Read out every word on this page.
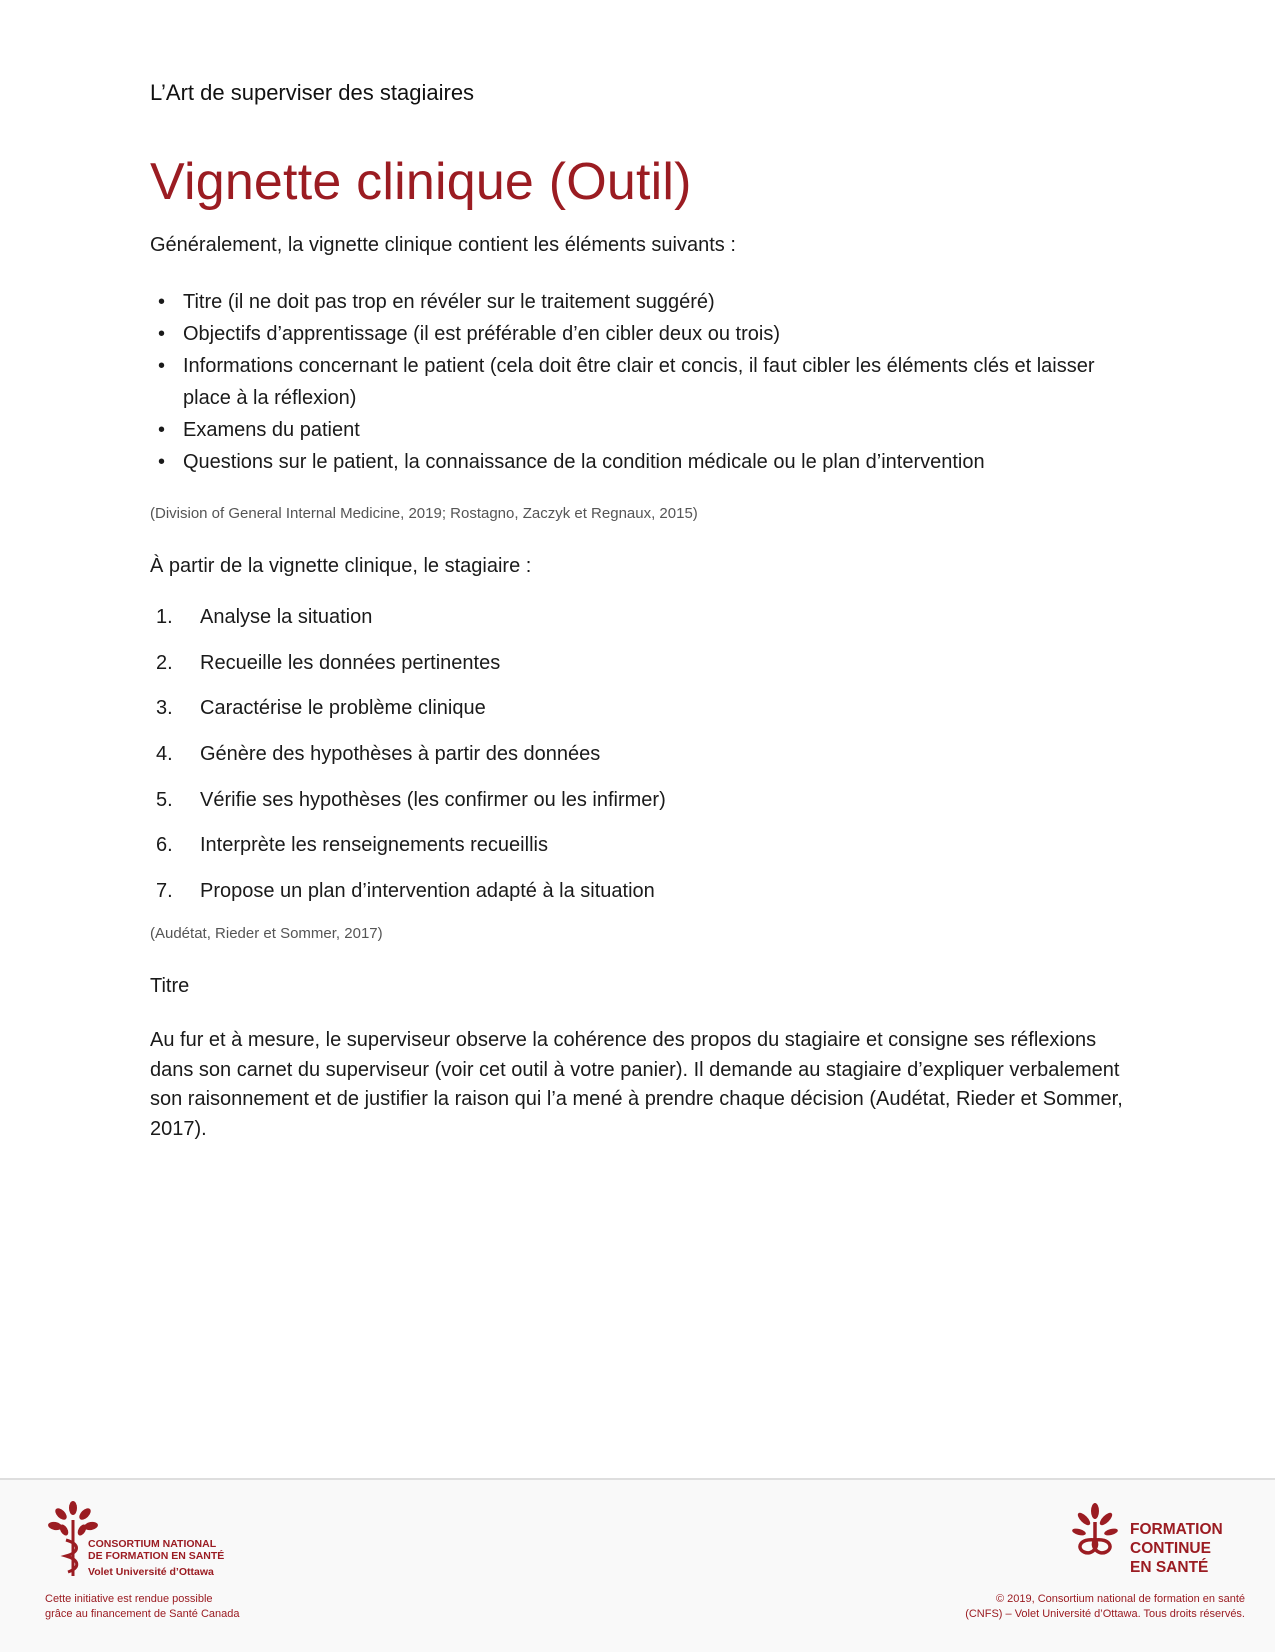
L’Art de superviser des stagiaires

Vignette clinique (Outil)

Généralement, la vignette clinique contient les éléments suivants :

• Titre (il ne doit pas trop en révéler sur le traitement suggéré)
• Objectifs d’apprentissage (il est préférable d’en cibler deux ou trois)
• Informations concernant le patient (cela doit être clair et concis, il faut cibler les éléments clés et laisser place à la réflexion)
• Examens du patient
• Questions sur le patient, la connaissance de la condition médicale ou le plan d’intervention

(Division of General Internal Medicine, 2019; Rostagno, Zaczyk et Regnaux, 2015)

À partir de la vignette clinique, le stagiaire :

1.	Analyse la situation
2.	Recueille les données pertinentes
3.	Caractérise le problème clinique
4.	Génère des hypothèses à partir des données
5.	Vérifie ses hypothèses (les confirmer ou les infirmer)
6.	Interprète les renseignements recueillis
7.	Propose un plan d’intervention adapté à la situation

(Audétat, Rieder et Sommer, 2017)

Titre

Au fur et à mesure, le superviseur observe la cohérence des propos du stagiaire et consigne ses réflexions dans son carnet du superviseur (voir cet outil à votre panier). Il demande au stagiaire d’expliquer verbalement son raisonnement et de justifier la raison qui l’a mené à prendre chaque décision (Audétat, Rieder et Sommer, 2017).

CONSORTIUM NATIONAL
DE FORMATION EN SANTÉ
Volet Université d’Ottawa
Cette initiative est rendue possible
grâce au financement de Santé Canada
FORMATION
CONTINUE
EN SANTÉ
© 2019, Consortium national de formation en santé
(CNFS) – Volet Université d’Ottawa. Tous droits réservés.
